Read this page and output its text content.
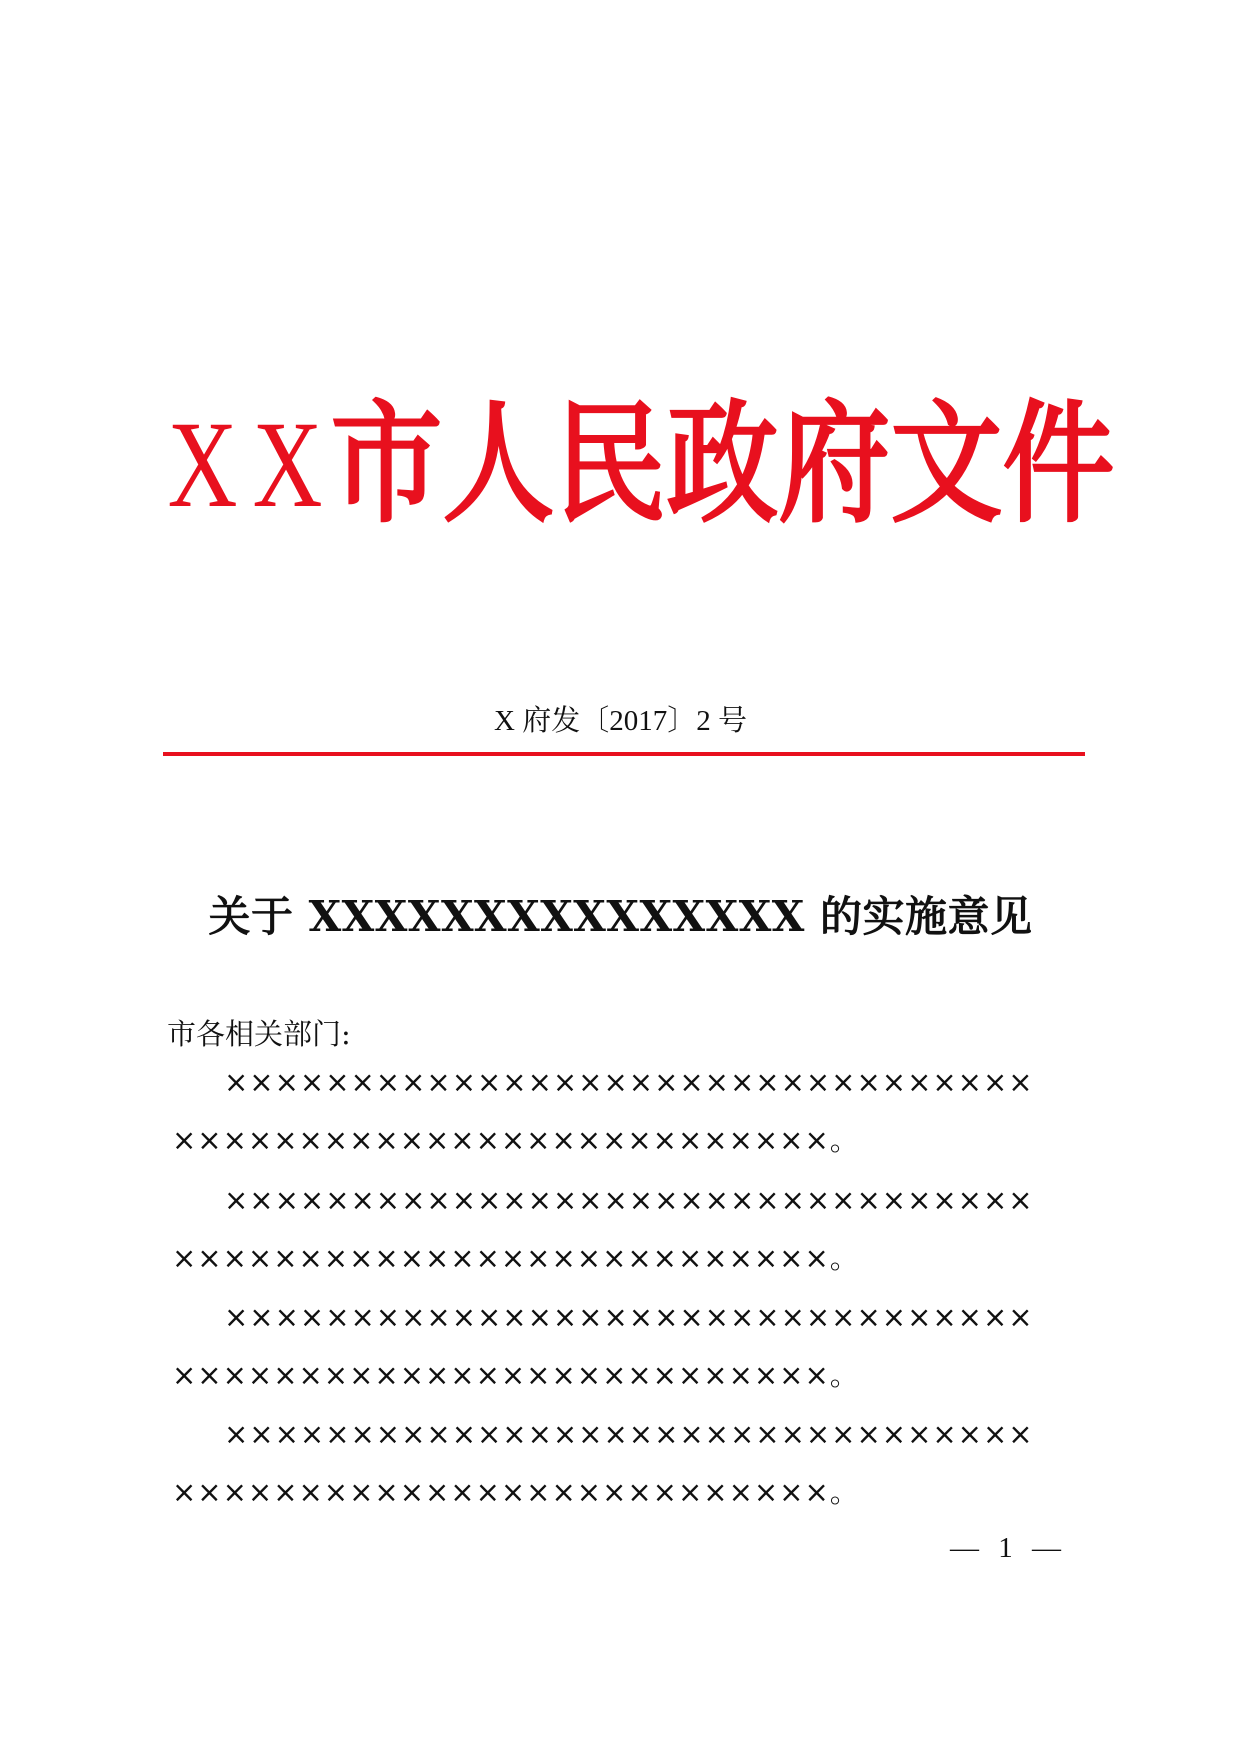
X X 市 人 民 政 府 文 件
X 府发〔2017〕2 号
关于 XXXXXXXXXXXXXXX 的实施意见
市各相关部门:
××××××××××××××××××××××××××××××××
××××××××××××××××××××××××××。
××××××××××××××××××××××××××××××××
××××××××××××××××××××××××××。
××××××××××××××××××××××××××××××××
××××××××××××××××××××××××××。
××××××××××××××××××××××××××××××××
××××××××××××××××××××××××××。
— 1 —
